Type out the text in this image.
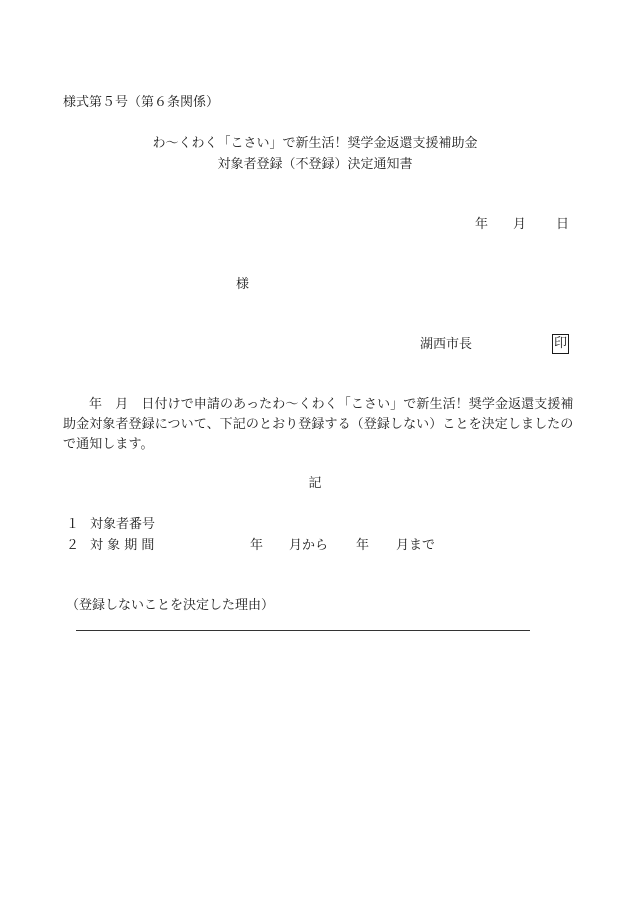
様式第５号（第６条関係）
わ〜くわく「こさい」で新生活！奨学金返還支援補助金
対象者登録（不登録）決定通知書
年 月 日
様
湖西市長	印
年　月　日付けで申請のあったわ〜くわく「こさい」で新生活！奨学金返還支援補助金対象者登録について、下記のとおり登録する（登録しない）ことを決定しましたので通知します。
記
１ 対象者番号
２ 対 象 期 間	年 月から 年 月まで
（登録しないことを決定した理由）
